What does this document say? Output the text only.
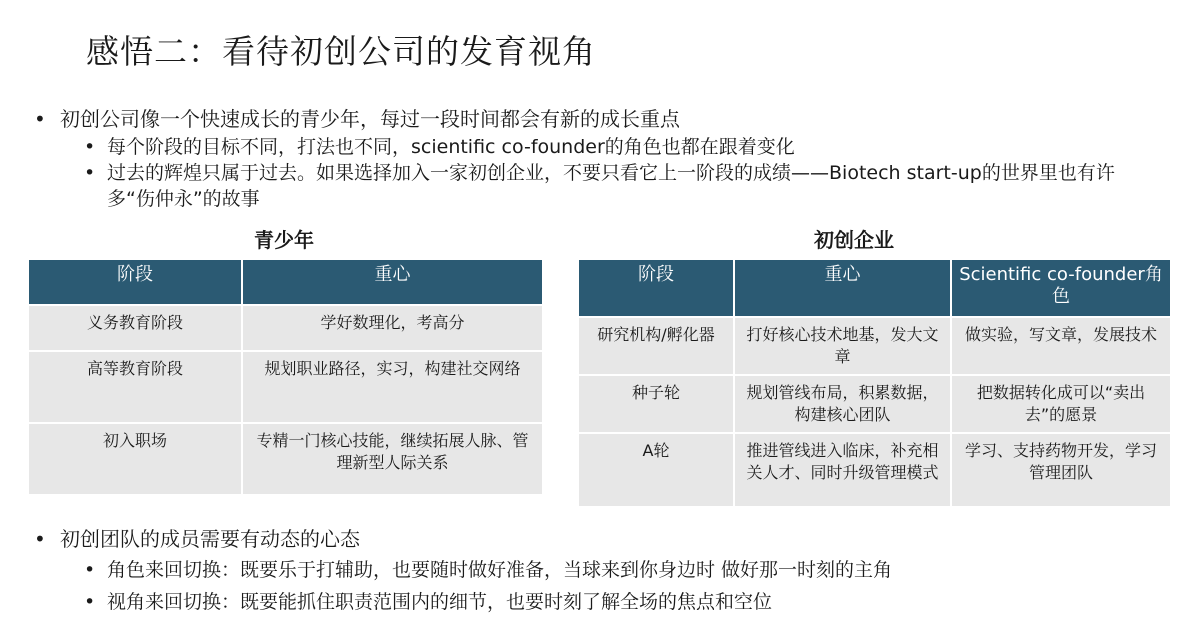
感悟二：看待初创公司的发育视角
• 初创公司像一个快速成长的青少年，每过一段时间都会有新的成长重点
• 每个阶段的目标不同，打法也不同，scientific co-founder的角色也都在跟着变化
• 过去的辉煌只属于过去。如果选择加入一家初创企业，不要只看它上一阶段的成绩——Biotech start-up的世界里也有许多“伤仲永”的故事
青少年
阶段	重心
义务教育阶段	学好数理化，考高分
高等教育阶段	规划职业路径，实习，构建社交网络
初入职场	专精一门核心技能，继续拓展人脉、管理新型人际关系
初创企业
阶段	重心	Scientific co-founder角色
研究机构/孵化器	打好核心技术地基，发大文章	做实验，写文章，发展技术
种子轮	规划管线布局，积累数据，构建核心团队	把数据转化成可以“卖出去”的愿景
A轮	推进管线进入临床，补充相关人才、同时升级管理模式	学习、支持药物开发，学习管理团队
• 初创团队的成员需要有动态的心态
• 角色来回切换：既要乐于打辅助，也要随时做好准备，当球来到你身边时 做好那一时刻的主角
• 视角来回切换：既要能抓住职责范围内的细节，也要时刻了解全场的焦点和空位
